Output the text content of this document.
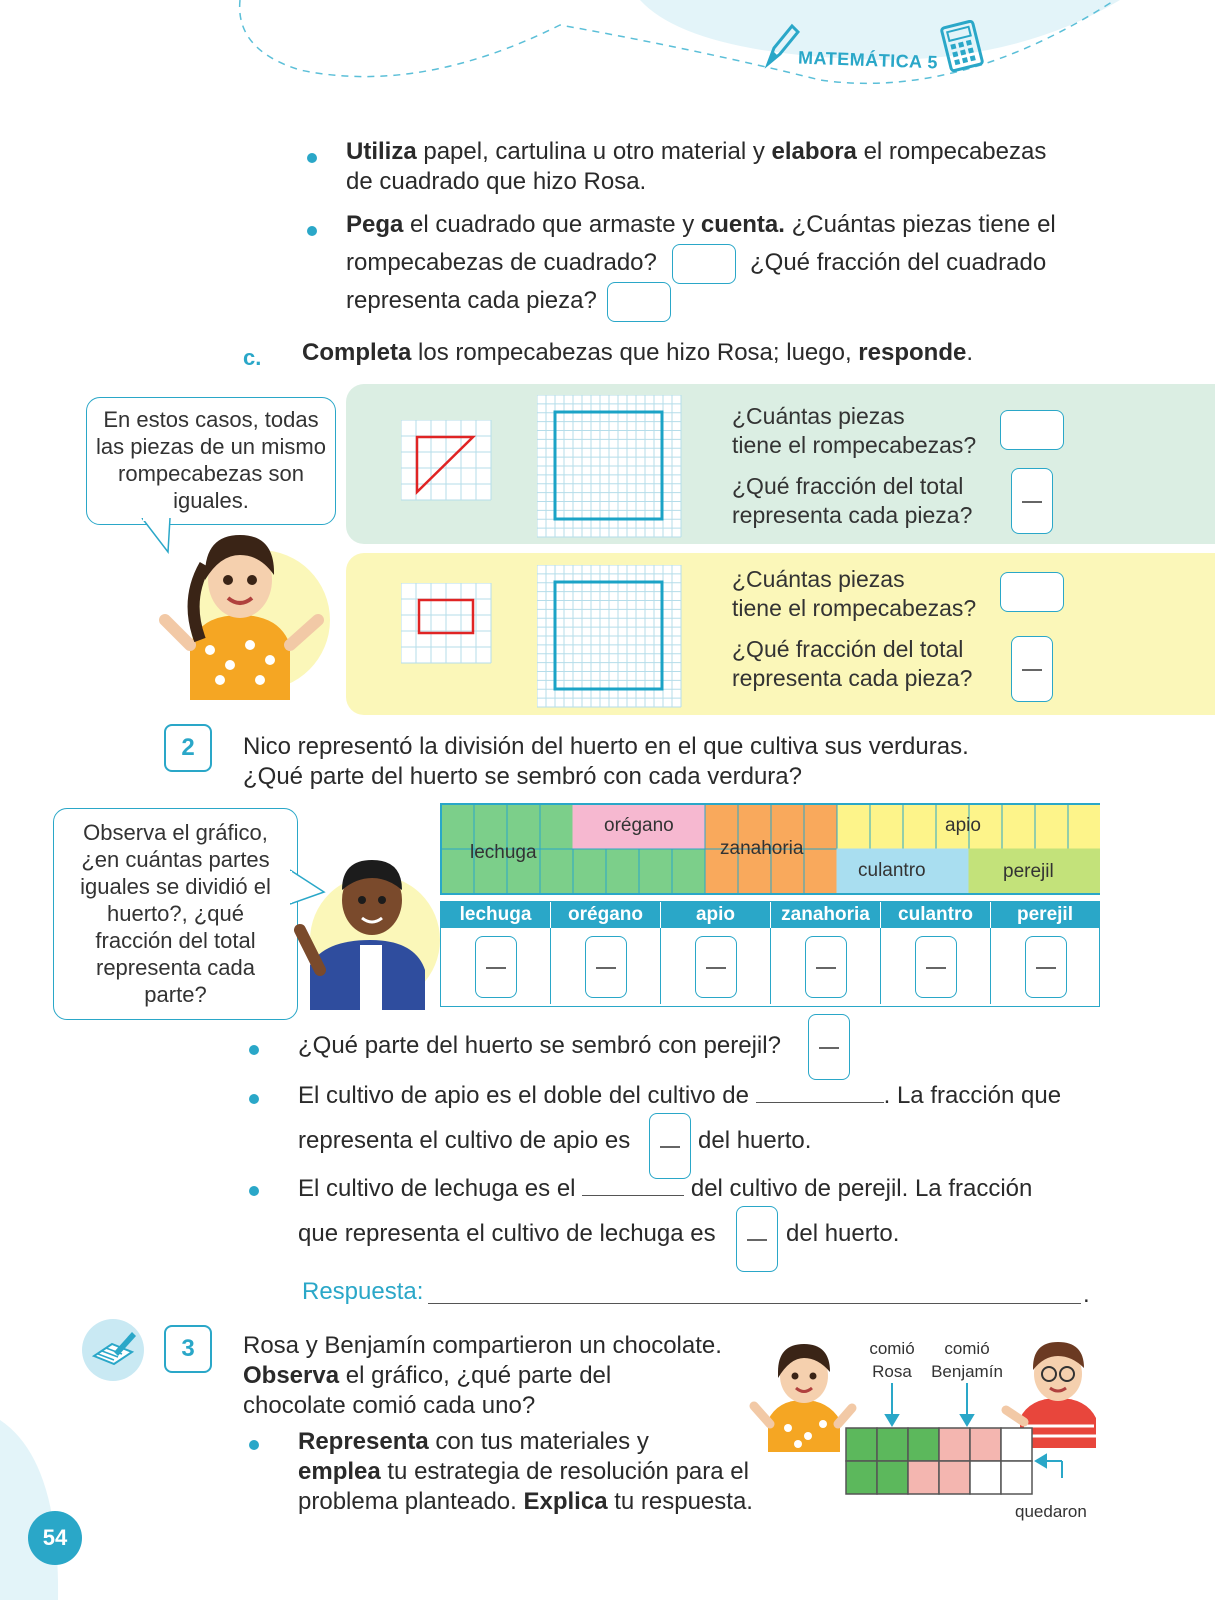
MATEMÁTICA 5
Utiliza papel, cartulina u otro material y elabora el rompecabezas
de cuadrado que hizo Rosa.
Pega el cuadrado que armaste y cuenta. ¿Cuántas piezas tiene el
rompecabezas de cuadrado?	¿Qué fracción del cuadrado
representa cada pieza?
c. Completa los rompecabezas que hizo Rosa; luego, responde.
En estos casos, todas las piezas de un mismo rompecabezas son iguales.
¿Cuántas piezas
tiene el rompecabezas?
¿Qué fracción del total
representa cada pieza?
¿Cuántas piezas
tiene el rompecabezas?
¿Qué fracción del total
representa cada pieza?
2	Nico representó la división del huerto en el que cultiva sus verduras.
¿Qué parte del huerto se sembró con cada verdura?
Observa el gráfico, ¿en cuántas partes iguales se dividió el huerto?, ¿qué fracción del total representa cada parte?
lechuga
orégano
zanahoria
apio
culantro	perejil
lechuga	orégano	apio	zanahoria	culantro	perejil
¿Qué parte del huerto se sembró con perejil?
El cultivo de apio es el doble del cultivo de	. La fracción que
representa el cultivo de apio es	del huerto.
El cultivo de lechuga es el	del cultivo de perejil. La fracción
que representa el cultivo de lechuga es	del huerto.
Respuesta:	.
3	Rosa y Benjamín compartieron un chocolate.
Observa el gráfico, ¿qué parte del
chocolate comió cada uno?
Representa con tus materiales y
emplea tu estrategia de resolución para el
problema planteado. Explica tu respuesta.
comió
Rosa
comió
Benjamín
quedaron
54
